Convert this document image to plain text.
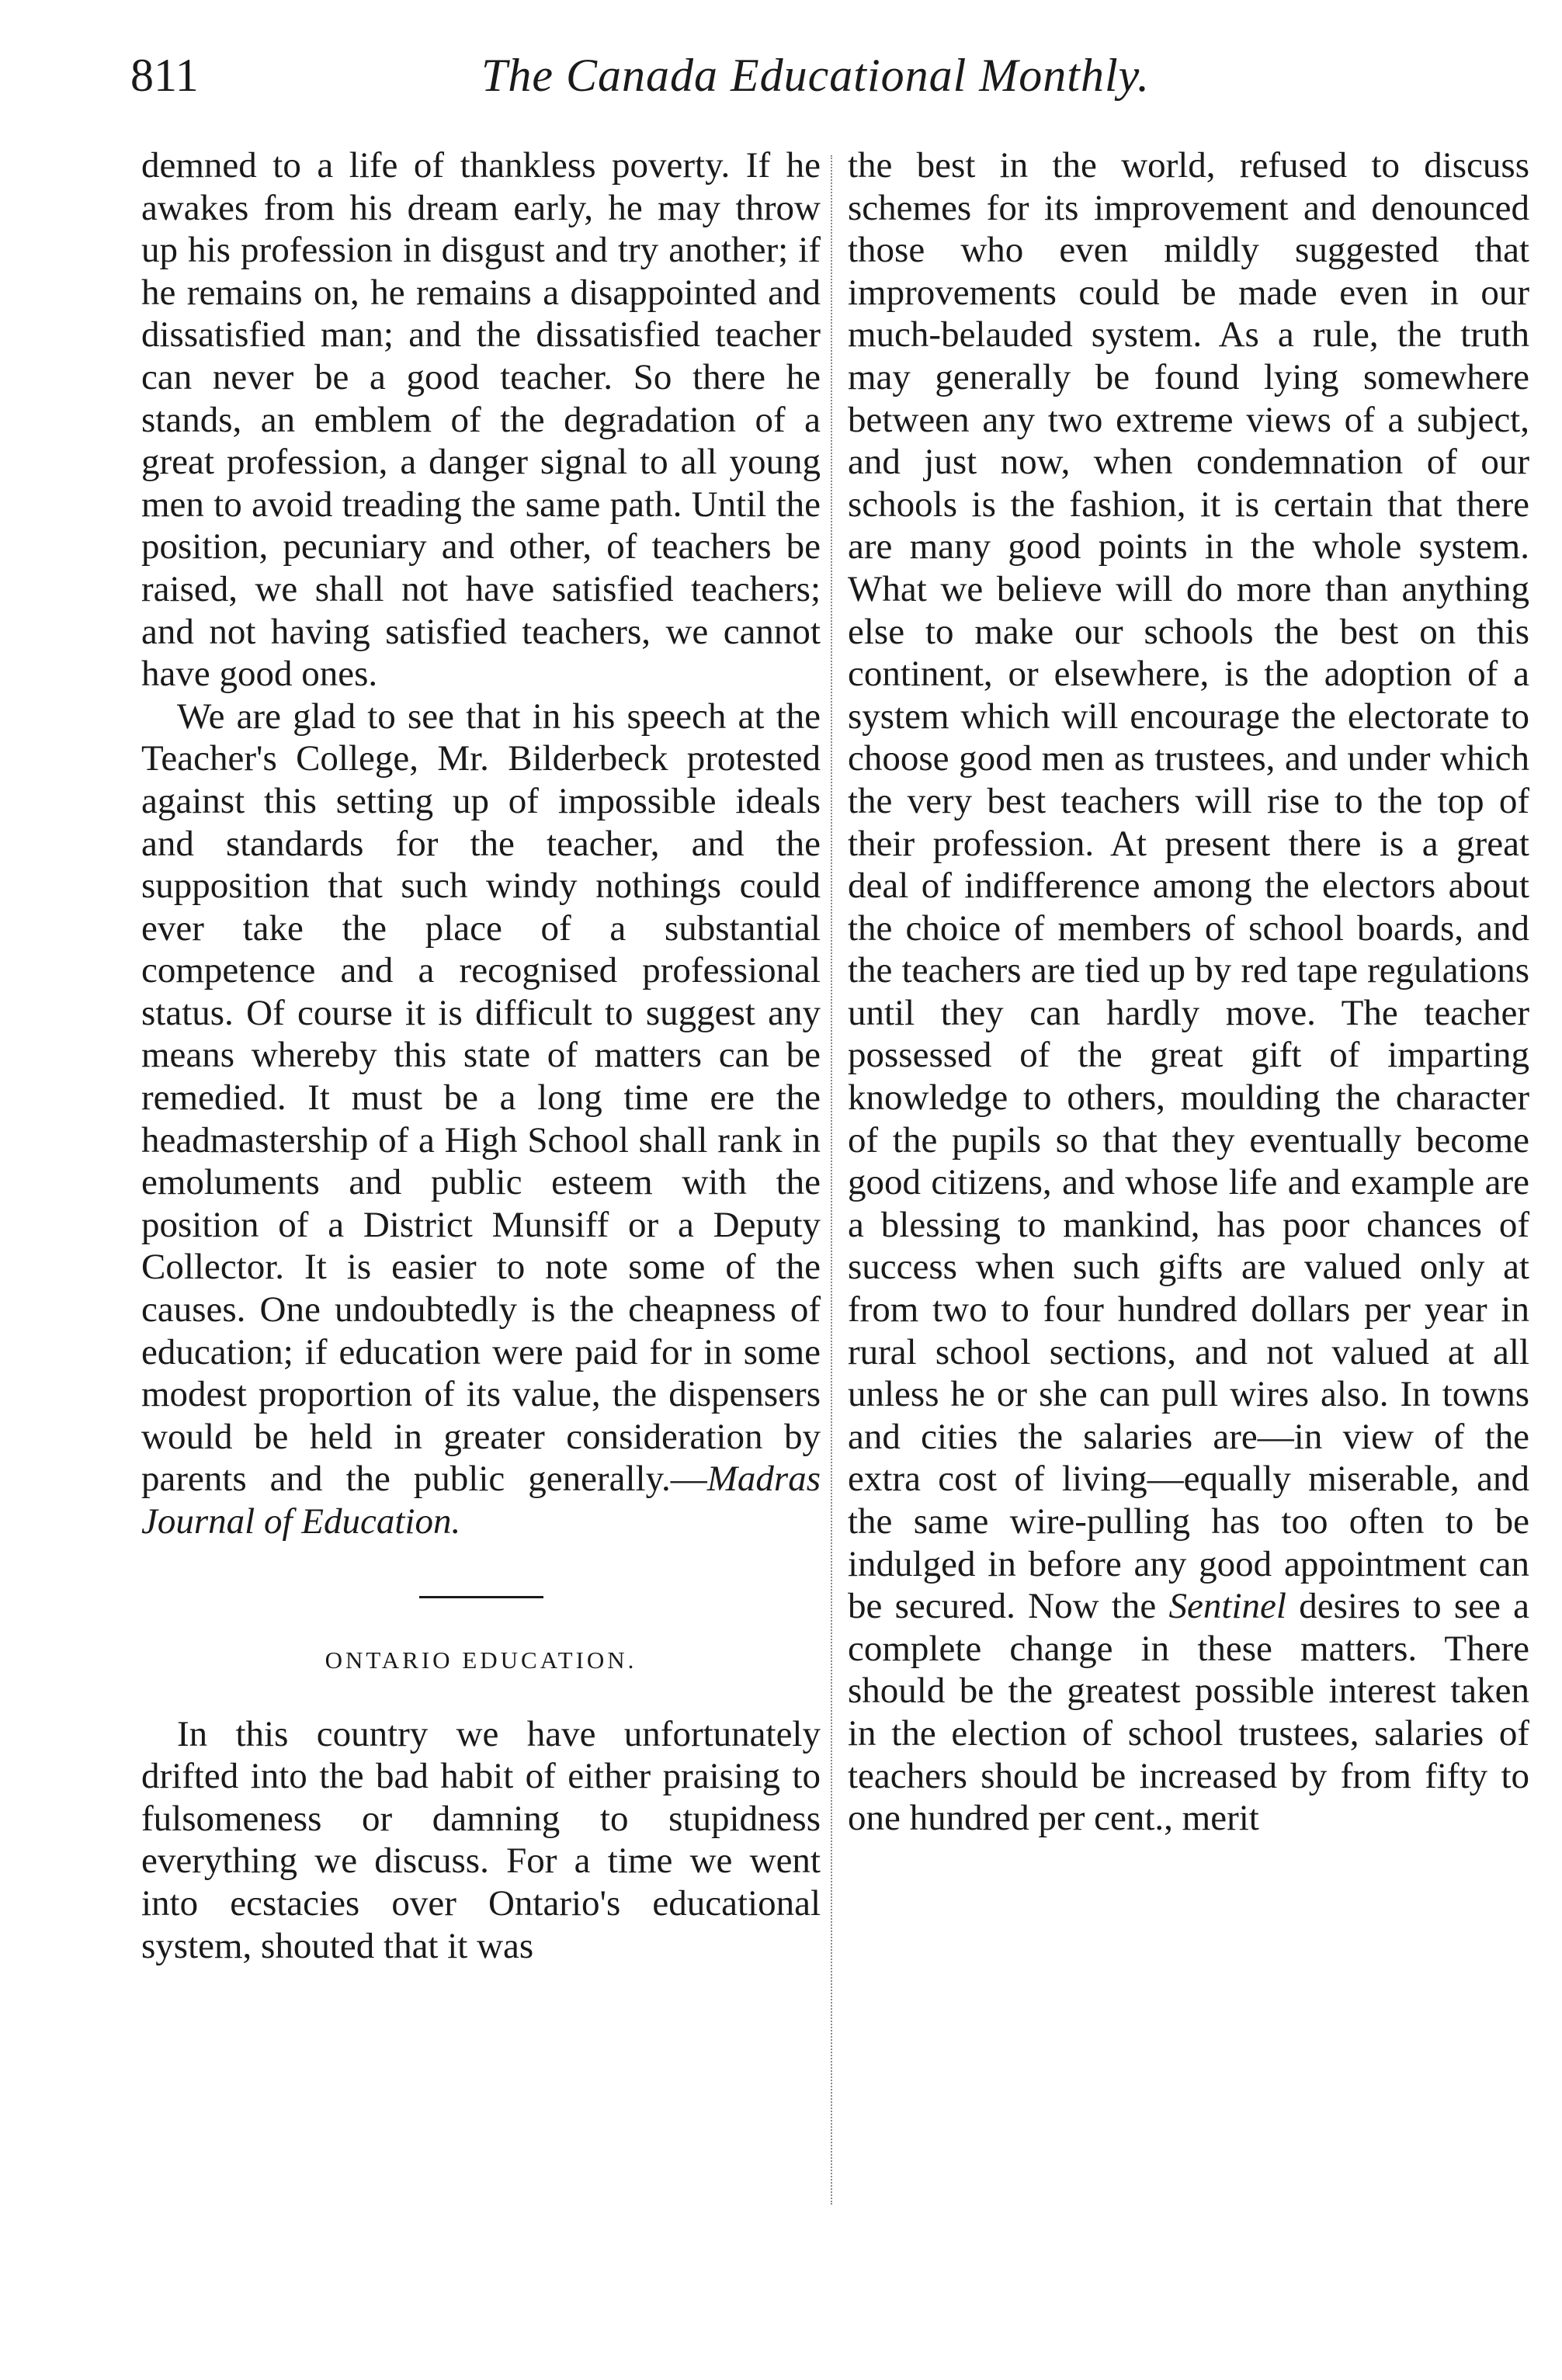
811	The Canada Educational Monthly.

demned to a life of thankless poverty. If he awakes from his dream early, he may throw up his profession in disgust and try another; if he remains on, he remains a disappointed and dissatisfied man; and the dissatisfied teacher can never be a good teacher. So there he stands, an emblem of the degradation of a great profession, a danger signal to all young men to avoid treading the same path. Until the position, pecuniary and other, of teachers be raised, we shall not have satisfied teachers; and not having satisfied teachers, we cannot have good ones.

We are glad to see that in his speech at the Teacher's College, Mr. Bilderbeck protested against this setting up of impossible ideals and standards for the teacher, and the supposition that such windy nothings could ever take the place of a substantial competence and a recognised professional status. Of course it is difficult to suggest any means whereby this state of matters can be remedied. It must be a long time ere the headmastership of a High School shall rank in emoluments and public esteem with the position of a District Munsiff or a Deputy Collector. It is easier to note some of the causes. One undoubtedly is the cheapness of education; if education were paid for in some modest proportion of its value, the dispensers would be held in greater consideration by parents and the public generally.—Madras Journal of Education.

ONTARIO EDUCATION.

In this country we have unfortunately drifted into the bad habit of either praising to fulsomeness or damning to stupidness everything we discuss. For a time we went into ecstacies over Ontario's educational system, shouted that it was

the best in the world, refused to discuss schemes for its improvement and denounced those who even mildly suggested that improvements could be made even in our much-belauded system. As a rule, the truth may generally be found lying somewhere between any two extreme views of a subject, and just now, when condemnation of our schools is the fashion, it is certain that there are many good points in the whole system. What we believe will do more than anything else to make our schools the best on this continent, or elsewhere, is the adoption of a system which will encourage the electorate to choose good men as trustees, and under which the very best teachers will rise to the top of their profession. At present there is a great deal of indifference among the electors about the choice of members of school boards, and the teachers are tied up by red tape regulations until they can hardly move. The teacher possessed of the great gift of imparting knowledge to others, moulding the character of the pupils so that they eventually become good citizens, and whose life and example are a blessing to mankind, has poor chances of success when such gifts are valued only at from two to four hundred dollars per year in rural school sections, and not valued at all unless he or she can pull wires also. In towns and cities the salaries are—in view of the extra cost of living—equally miserable, and the same wire-pulling has too often to be indulged in before any good appointment can be secured. Now the Sentinel desires to see a complete change in these matters. There should be the greatest possible interest taken in the election of school trustees, salaries of teachers should be increased by from fifty to one hundred per cent., merit
